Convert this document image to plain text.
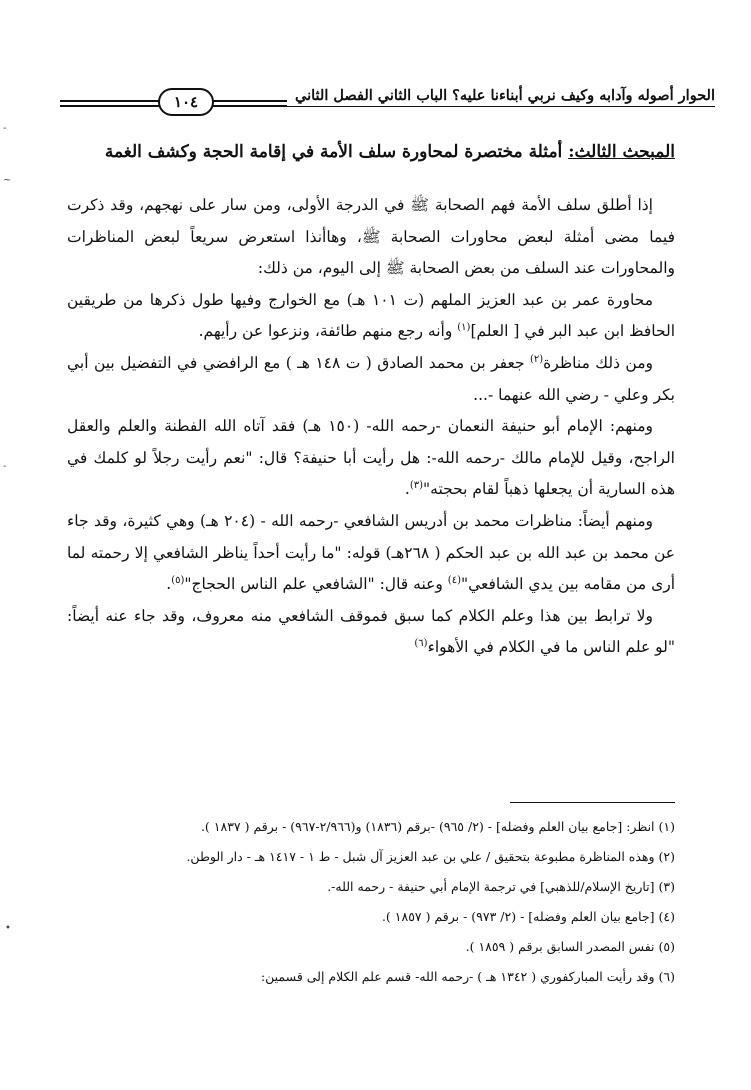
الحوار أصوله وآدابه وكيف نربي أبناءنا عليه؟ الباب الثاني الفصل الثاني
١٠٤
المبحث الثالث: أمثلة مختصرة لمحاورة سلف الأمة في إقامة الحجة وكشف الغمة

إذا أطلق سلف الأمة فهم الصحابة ﷺ في الدرجة الأولى، ومن سار على نهجهم، وقد ذكرت فيما مضى أمثلة لبعض محاورات الصحابة ﷺ، وهاأنذا استعرض سريعاً لبعض المناظرات والمحاورات عند السلف من بعض الصحابة ﷺ إلى اليوم، من ذلك:

محاورة عمر بن عبد العزيز الملهم (ت ١٠١ هـ) مع الخوارج وفيها طول ذكرها من طريقين الحافظ ابن عبد البر في [ العلم]$^{(١)}$ وأنه رجع منهم طائفة، ونزعوا عن رأيهم.

ومن ذلك مناظرة$^{(٢)}$ جعفر بن محمد الصادق ( ت ١٤٨ هـ ) مع الرافضي في التفضيل بين أبي بكر وعلي - رضي الله عنهما -...

ومنهم: الإمام أبو حنيفة النعمان -رحمه الله- (١٥٠ هـ) فقد آتاه الله الفطنة والعلم والعقل الراجح، وقيل للإمام مالك -رحمه الله-: هل رأيت أبا حنيفة؟ قال: "نعم رأيت رجلاً لو كلمك في هذه السارية أن يجعلها ذهباً لقام بحجته"$^{(٣)}$.

ومنهم أيضاً: مناظرات محمد بن أدريس الشافعي -رحمه الله - (٢٠٤ هـ) وهي كثيرة، وقد جاء عن محمد بن عبد الله بن عبد الحكم ( ٢٦٨هـ) قوله: "ما رأيت أحداً يناظر الشافعي إلا رحمته لما أرى من مقامه بين يدي الشافعي"$^{(٤)}$ وعنه قال: "الشافعي علم الناس الحجاج"$^{(٥)}$.

ولا ترابط بين هذا وعلم الكلام كما سبق فموقف الشافعي منه معروف، وقد جاء عنه أيضاً: "لو علم الناس ما في الكلام في الأهواء$^{(٦)}$

(١) انظر: [جامع بيان العلم وفضله] - (٢/ ٩٦٥) -برقم (١٨٣٦) و(٢/٩٦٦-٩٦٧) - برقم ( ١٨٣٧ ).
(٢) وهذه المناظرة مطبوعة بتحقيق / علي بن عبد العزيز آل شبل - ط ١ - ١٤١٧ هـ - دار الوطن.
(٣) [تاريخ الإسلام/للذهبي] في ترجمة الإمام أبي حنيفة - رحمه الله-.
(٤) [جامع بيان العلم وفضله] - (٢/ ٩٧٣) - برقم ( ١٨٥٧ ).
(٥) نفس المصدر السابق برقم ( ١٨٥٩ ).
(٦) وقد رأيت المباركفوري ( ١٣٤٢ هـ ) -رحمه الله- قسم علم الكلام إلى قسمين:
-
~
-
•
